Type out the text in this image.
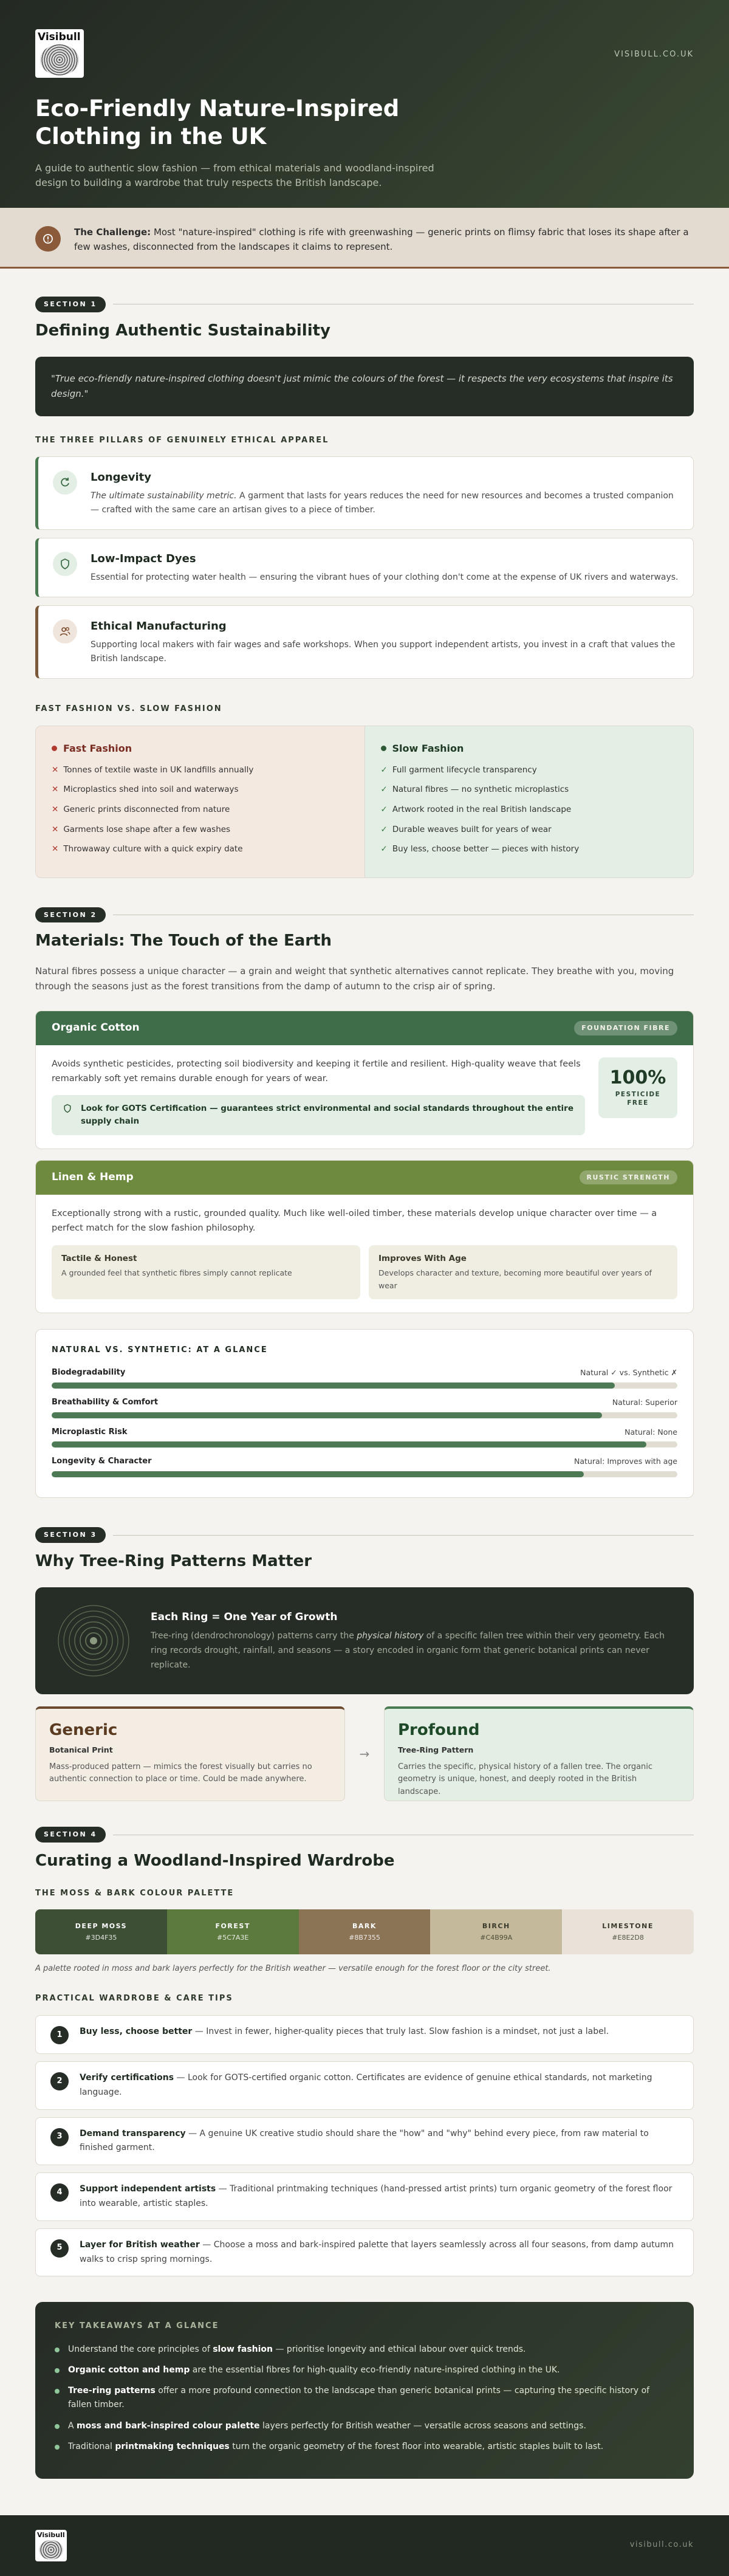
Visibull
VISIBULL.CO.UK
Eco-Friendly Nature-Inspired Clothing in the UK

A guide to authentic slow fashion — from ethical materials and woodland-inspired design to building a wardrobe that truly respects the British landscape.

The Challenge: Most "nature-inspired" clothing is rife with greenwashing — generic prints on flimsy fabric that loses its shape after a few washes, disconnected from the landscapes it claims to represent.

SECTION 1
Defining Authentic Sustainability
"True eco-friendly nature-inspired clothing doesn't just mimic the colours of the forest — it respects the very ecosystems that inspire its design."
THE THREE PILLARS OF GENUINELY ETHICAL APPAREL
Longevity

The ultimate sustainability metric. A garment that lasts for years reduces the need for new resources and becomes a trusted companion — crafted with the same care an artisan gives to a piece of timber.

Low-Impact Dyes

Essential for protecting water health — ensuring the vibrant hues of your clothing don't come at the expense of UK rivers and waterways.

Ethical Manufacturing

Supporting local makers with fair wages and safe workshops. When you support independent artists, you invest in a craft that values the British landscape.

FAST FASHION VS. SLOW FASHION
Fast Fashion
✕ Tonnes of textile waste in UK landfills annually
✕ Microplastics shed into soil and waterways
✕ Generic prints disconnected from nature
✕ Garments lose shape after a few washes
✕ Throwaway culture with a quick expiry date
Slow Fashion
✓ Full garment lifecycle transparency
✓ Natural fibres — no synthetic microplastics
✓ Artwork rooted in the real British landscape
✓ Durable weaves built for years of wear
✓ Buy less, choose better — pieces with history
SECTION 2
Materials: The Touch of the Earth

Natural fibres possess a unique character — a grain and weight that synthetic alternatives cannot replicate. They breathe with you, moving through the seasons just as the forest transitions from the damp of autumn to the crisp air of spring.

Organic Cotton	FOUNDATION FIBRE

Avoids synthetic pesticides, protecting soil biodiversity and keeping it fertile and resilient. High-quality weave that feels remarkably soft yet remains durable enough for years of wear.

Look for GOTS Certification — guarantees strict environmental and social standards throughout the entire supply chain
100%
PESTICIDE
FREE
Linen & Hemp	RUSTIC STRENGTH

Exceptionally strong with a rustic, grounded quality. Much like well-oiled timber, these materials develop unique character over time — a perfect match for the slow fashion philosophy.

Tactile & Honest

A grounded feel that synthetic fibres simply cannot replicate

Improves With Age

Develops character and texture, becoming more beautiful over years of wear

NATURAL VS. SYNTHETIC: AT A GLANCE
Biodegradability	Natural ✓ vs. Synthetic ✗
Breathability & Comfort	Natural: Superior
Microplastic Risk	Natural: None
Longevity & Character	Natural: Improves with age
SECTION 3
Why Tree-Ring Patterns Matter
Each Ring = One Year of Growth

Tree-ring (dendrochronology) patterns carry the physical history of a specific fallen tree within their very geometry. Each ring records drought, rainfall, and seasons — a story encoded in organic form that generic botanical prints can never replicate.

Generic
Botanical Print

Mass-produced pattern — mimics the forest visually but carries no authentic connection to place or time. Could be made anywhere.

→
Profound
Tree-Ring Pattern

Carries the specific, physical history of a fallen tree. The organic geometry is unique, honest, and deeply rooted in the British landscape.

SECTION 4
Curating a Woodland-Inspired Wardrobe
THE MOSS & BARK COLOUR PALETTE
DEEP MOSS
#3D4F35
FOREST
#5C7A3E
BARK
#8B7355
BIRCH
#C4B99A
LIMESTONE
#E8E2D8

A palette rooted in moss and bark layers perfectly for the British weather — versatile enough for the forest floor or the city street.

PRACTICAL WARDROBE & CARE TIPS
1	Buy less, choose better — Invest in fewer, higher-quality pieces that truly last. Slow fashion is a mindset, not just a label.

2	Verify certifications — Look for GOTS-certified organic cotton. Certificates are evidence of genuine ethical standards, not marketing language.

3	Demand transparency — A genuine UK creative studio should share the "how" and "why" behind every piece, from raw material to finished garment.

4	Support independent artists — Traditional printmaking techniques (hand-pressed artist prints) turn organic geometry of the forest floor into wearable, artistic staples.

5	Layer for British weather — Choose a moss and bark-inspired palette that layers seamlessly across all four seasons, from damp autumn walks to crisp spring mornings.

KEY TAKEAWAYS AT A GLANCE
Understand the core principles of slow fashion — prioritise longevity and ethical labour over quick trends.
Organic cotton and hemp are the essential fibres for high-quality eco-friendly nature-inspired clothing in the UK.
Tree-ring patterns offer a more profound connection to the landscape than generic botanical prints — capturing the specific history of fallen timber.
A moss and bark-inspired colour palette layers perfectly for British weather — versatile across seasons and settings.
Traditional printmaking techniques turn the organic geometry of the forest floor into wearable, artistic staples built to last.
Visibull
visibull.co.uk
